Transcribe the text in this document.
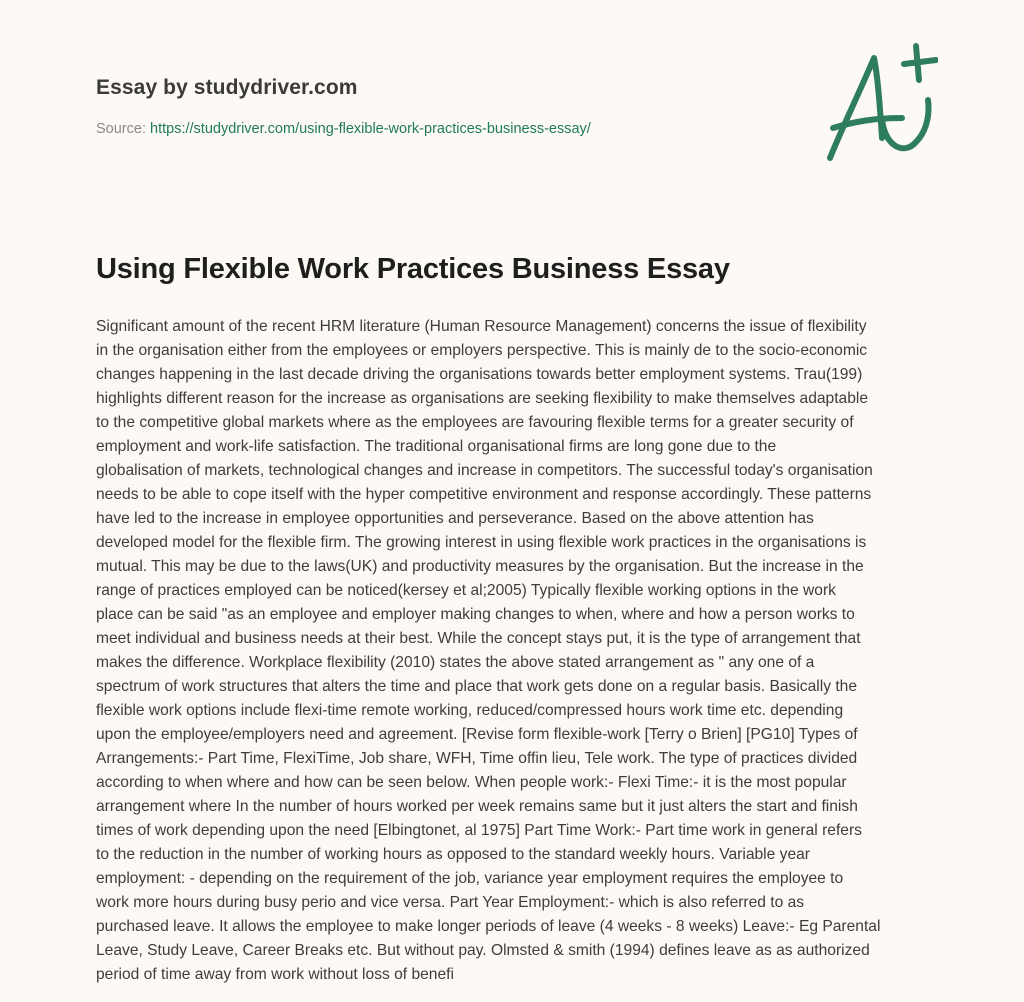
Essay by studydriver.com
Source: https://studydriver.com/using-flexible-work-practices-business-essay/
Using Flexible Work Practices Business Essay
Significant amount of the recent HRM literature (Human Resource Management) concerns the issue of flexibility
in the organisation either from the employees or employers perspective. This is mainly de to the socio-economic
changes happening in the last decade driving the organisations towards better employment systems. Trau(199)
highlights different reason for the increase as organisations are seeking flexibility to make themselves adaptable
to the competitive global markets where as the employees are favouring flexible terms for a greater security of
employment and work-life satisfaction. The traditional organisational firms are long gone due to the
globalisation of markets, technological changes and increase in competitors. The successful today's organisation
needs to be able to cope itself with the hyper competitive environment and response accordingly. These patterns
have led to the increase in employee opportunities and perseverance. Based on the above attention has
developed model for the flexible firm. The growing interest in using flexible work practices in the organisations is
mutual. This may be due to the laws(UK) and productivity measures by the organisation. But the increase in the
range of practices employed can be noticed(kersey et al;2005) Typically flexible working options in the work
place can be said "as an employee and employer making changes to when, where and how a person works to
meet individual and business needs at their best. While the concept stays put, it is the type of arrangement that
makes the difference. Workplace flexibility (2010) states the above stated arrangement as " any one of a
spectrum of work structures that alters the time and place that work gets done on a regular basis. Basically the
flexible work options include flexi-time remote working, reduced/compressed hours work time etc. depending
upon the employee/employers need and agreement. [Revise form flexible-work [Terry o Brien] [PG10] Types of
Arrangements:- Part Time, FlexiTime, Job share, WFH, Time offin lieu, Tele work. The type of practices divided
according to when where and how can be seen below. When people work:- Flexi Time:- it is the most popular
arrangement where In the number of hours worked per week remains same but it just alters the start and finish
times of work depending upon the need [Elbingtonet, al 1975] Part Time Work:- Part time work in general refers
to the reduction in the number of working hours as opposed to the standard weekly hours. Variable year
employment: - depending on the requirement of the job, variance year employment requires the employee to
work more hours during busy perio and vice versa. Part Year Employment:- which is also referred to as
purchased leave. It allows the employee to make longer periods of leave (4 weeks - 8 weeks) Leave:- Eg Parental
Leave, Study Leave, Career Breaks etc. But without pay. Olmsted & smith (1994) defines leave as as authorized
period of time away from work without loss of benefi
